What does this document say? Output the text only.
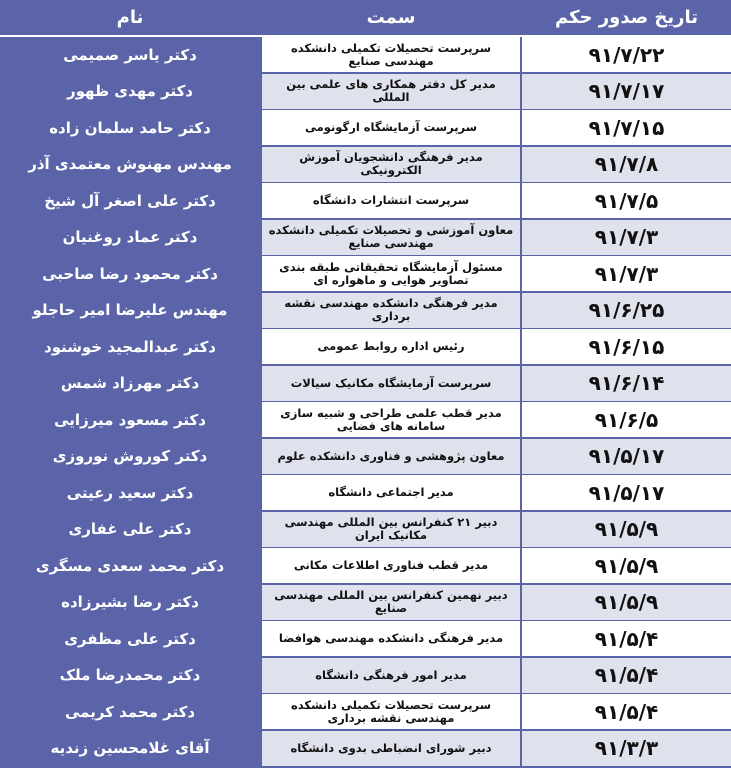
نام	سمت	تاریخ صدور حکم
دکتر یاسر صمیمی	سرپرست تحصیلات تکمیلی دانشکده مهندسی صنایع	۹۱/۷/۲۲
دکتر مهدی ظهور	مدیر کل دفتر همکاری های علمی بین المللی	۹۱/۷/۱۷
دکتر حامد سلمان زاده	سرپرست آزمایشگاه ارگونومی	۹۱/۷/۱۵
مهندس مهنوش معتمدی آذر	مدیر فرهنگی دانشجویان آموزش الکترونیکی	۹۱/۷/۸
دکتر علی اصغر آل شیخ	سرپرست انتشارات دانشگاه	۹۱/۷/۵
دکتر عماد روغنیان	معاون آموزشی و تحصیلات تکمیلی دانشکده مهندسی صنایع	۹۱/۷/۳
دکتر محمود رضا صاحبی	مسئول آزمایشگاه تحقیقاتی طبقه بندی تصاویر هوایی و ماهواره ای	۹۱/۷/۳
مهندس علیرضا امیر حاجلو	مدیر فرهنگی دانشکده مهندسی نقشه برداری	۹۱/۶/۲۵
دکتر عبدالمجید خوشنود	رئیس اداره روابط عمومی	۹۱/۶/۱۵
دکتر مهرزاد شمس	سرپرست آزمایشگاه مکانیک سیالات	۹۱/۶/۱۴
دکتر مسعود میرزایی	مدیر قطب علمی طراحی و شبیه سازی سامانه های فضایی	۹۱/۶/۵
دکتر کوروش نوروزی	معاون پژوهشی و فناوری دانشکده علوم	۹۱/۵/۱۷
دکتر سعید رعیتی	مدیر اجتماعی دانشگاه	۹۱/۵/۱۷
دکتر علی غفاری	دبیر ۲۱ کنفرانس بین المللی مهندسی مکانیک ایران	۹۱/۵/۹
دکتر محمد سعدی مسگری	مدیر قطب فناوری اطلاعات مکانی	۹۱/۵/۹
دکتر رضا بشیرزاده	دبیر نهمین کنفرانس بین المللی مهندسی صنایع	۹۱/۵/۹
دکتر علی مظفری	مدیر فرهنگی دانشکده مهندسی هوافضا	۹۱/۵/۴
دکتر محمدرضا ملک	مدیر امور فرهنگی دانشگاه	۹۱/۵/۴
دکتر محمد کریمی	سرپرست تحصیلات تکمیلی دانشکده مهندسی نقشه برداری	۹۱/۵/۴
آقای غلامحسین زندیه	دبیر شورای انضباطی بدوی دانشگاه	۹۱/۳/۳
